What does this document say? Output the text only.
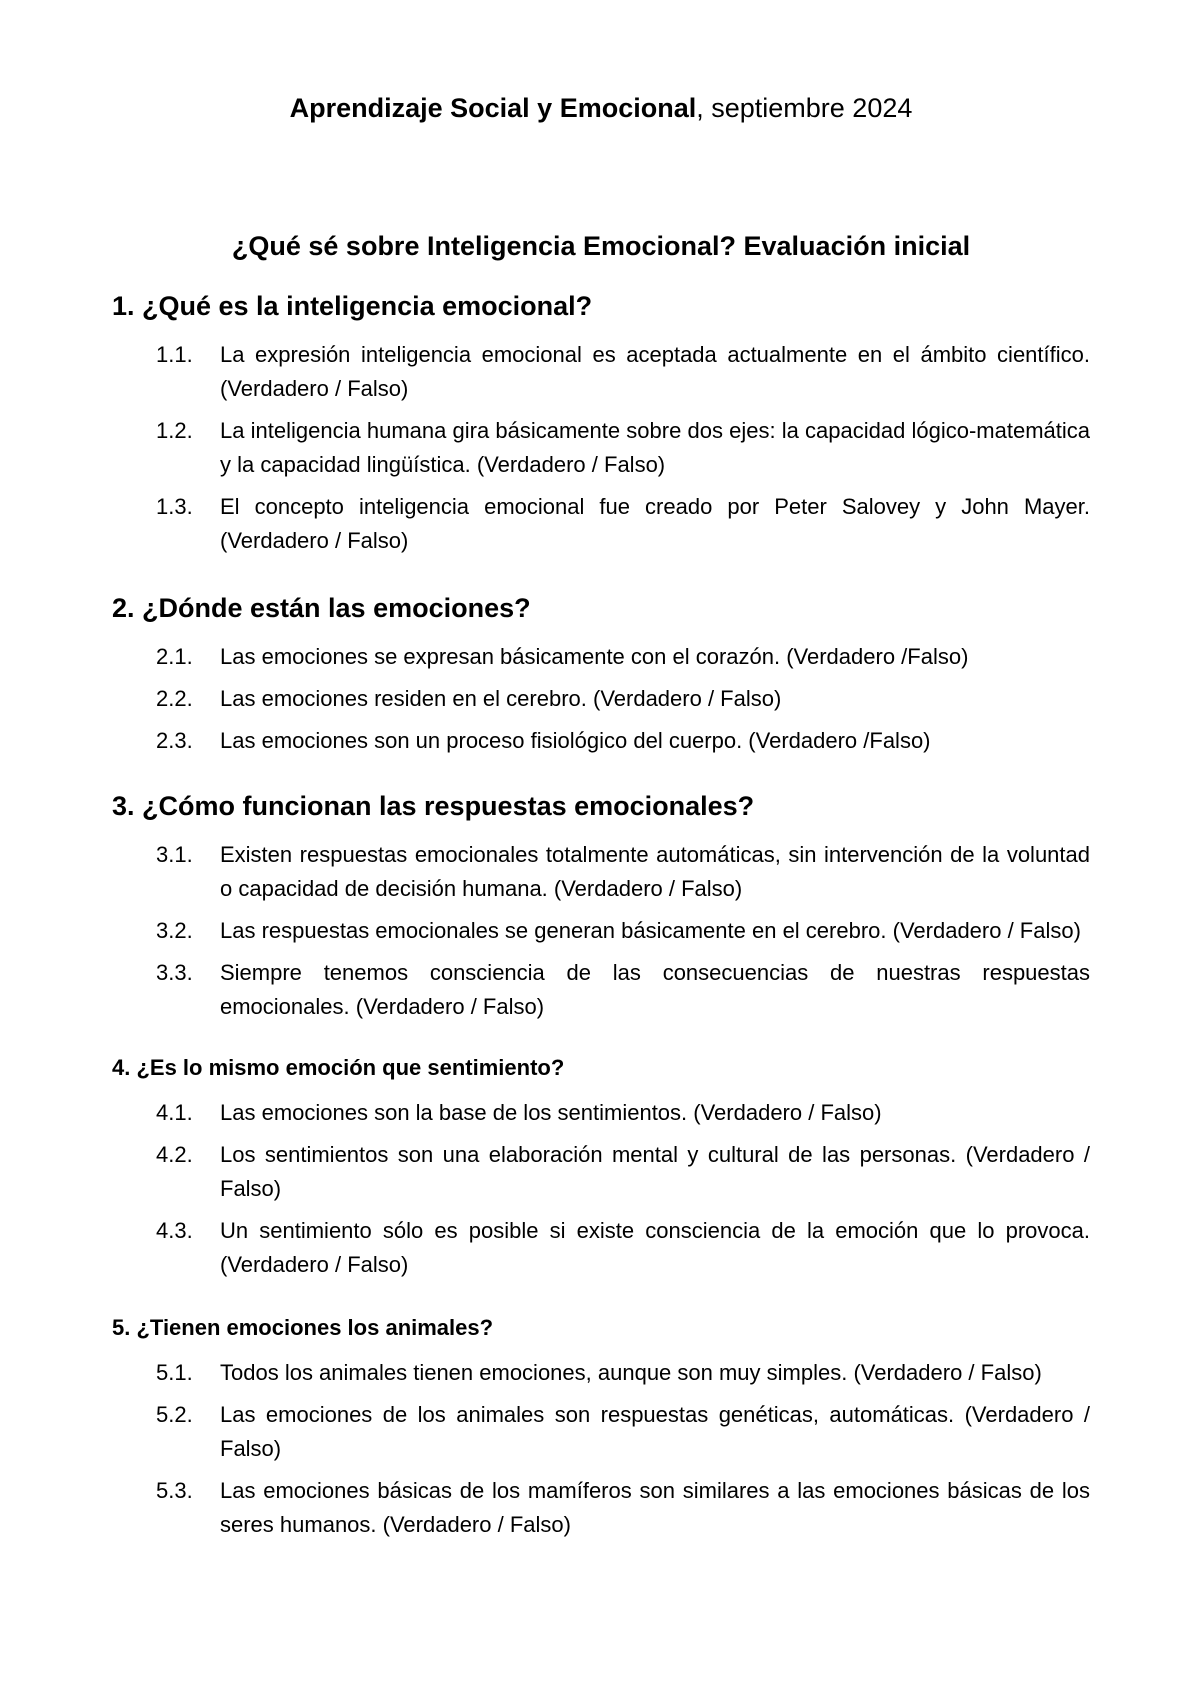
Aprendizaje Social y Emocional, septiembre 2024

¿Qué sé sobre Inteligencia Emocional? Evaluación inicial
1. ¿Qué es la inteligencia emocional?
1.1.	La expresión inteligencia emocional es aceptada actualmente en el ámbito científico. (Verdadero / Falso)
1.2.	La inteligencia humana gira básicamente sobre dos ejes: la capacidad lógico-matemática y la capacidad lingüística. (Verdadero / Falso)
1.3.	El concepto inteligencia emocional fue creado por Peter Salovey y John Mayer. (Verdadero / Falso)
2. ¿Dónde están las emociones?
2.1.	Las emociones se expresan básicamente con el corazón. (Verdadero /Falso)
2.2.	Las emociones residen en el cerebro. (Verdadero / Falso)
2.3.	Las emociones son un proceso fisiológico del cuerpo. (Verdadero /Falso)
3. ¿Cómo funcionan las respuestas emocionales?
3.1.	Existen respuestas emocionales totalmente automáticas, sin intervención de la voluntad o capacidad de decisión humana. (Verdadero / Falso)
3.2.	Las respuestas emocionales se generan básicamente en el cerebro. (Verdadero / Falso)
3.3.	Siempre tenemos consciencia de las consecuencias de nuestras respuestas emocionales. (Verdadero / Falso)
4. ¿Es lo mismo emoción que sentimiento?
4.1.	Las emociones son la base de los sentimientos. (Verdadero / Falso)
4.2.	Los sentimientos son una elaboración mental y cultural de las personas. (Verdadero / Falso)
4.3.	Un sentimiento sólo es posible si existe consciencia de la emoción que lo provoca. (Verdadero / Falso)
5. ¿Tienen emociones los animales?
5.1.	Todos los animales tienen emociones, aunque son muy simples. (Verdadero / Falso)
5.2.	Las emociones de los animales son respuestas genéticas, automáticas. (Verdadero / Falso)
5.3.	Las emociones básicas de los mamíferos son similares a las emociones básicas de los seres humanos. (Verdadero / Falso)
